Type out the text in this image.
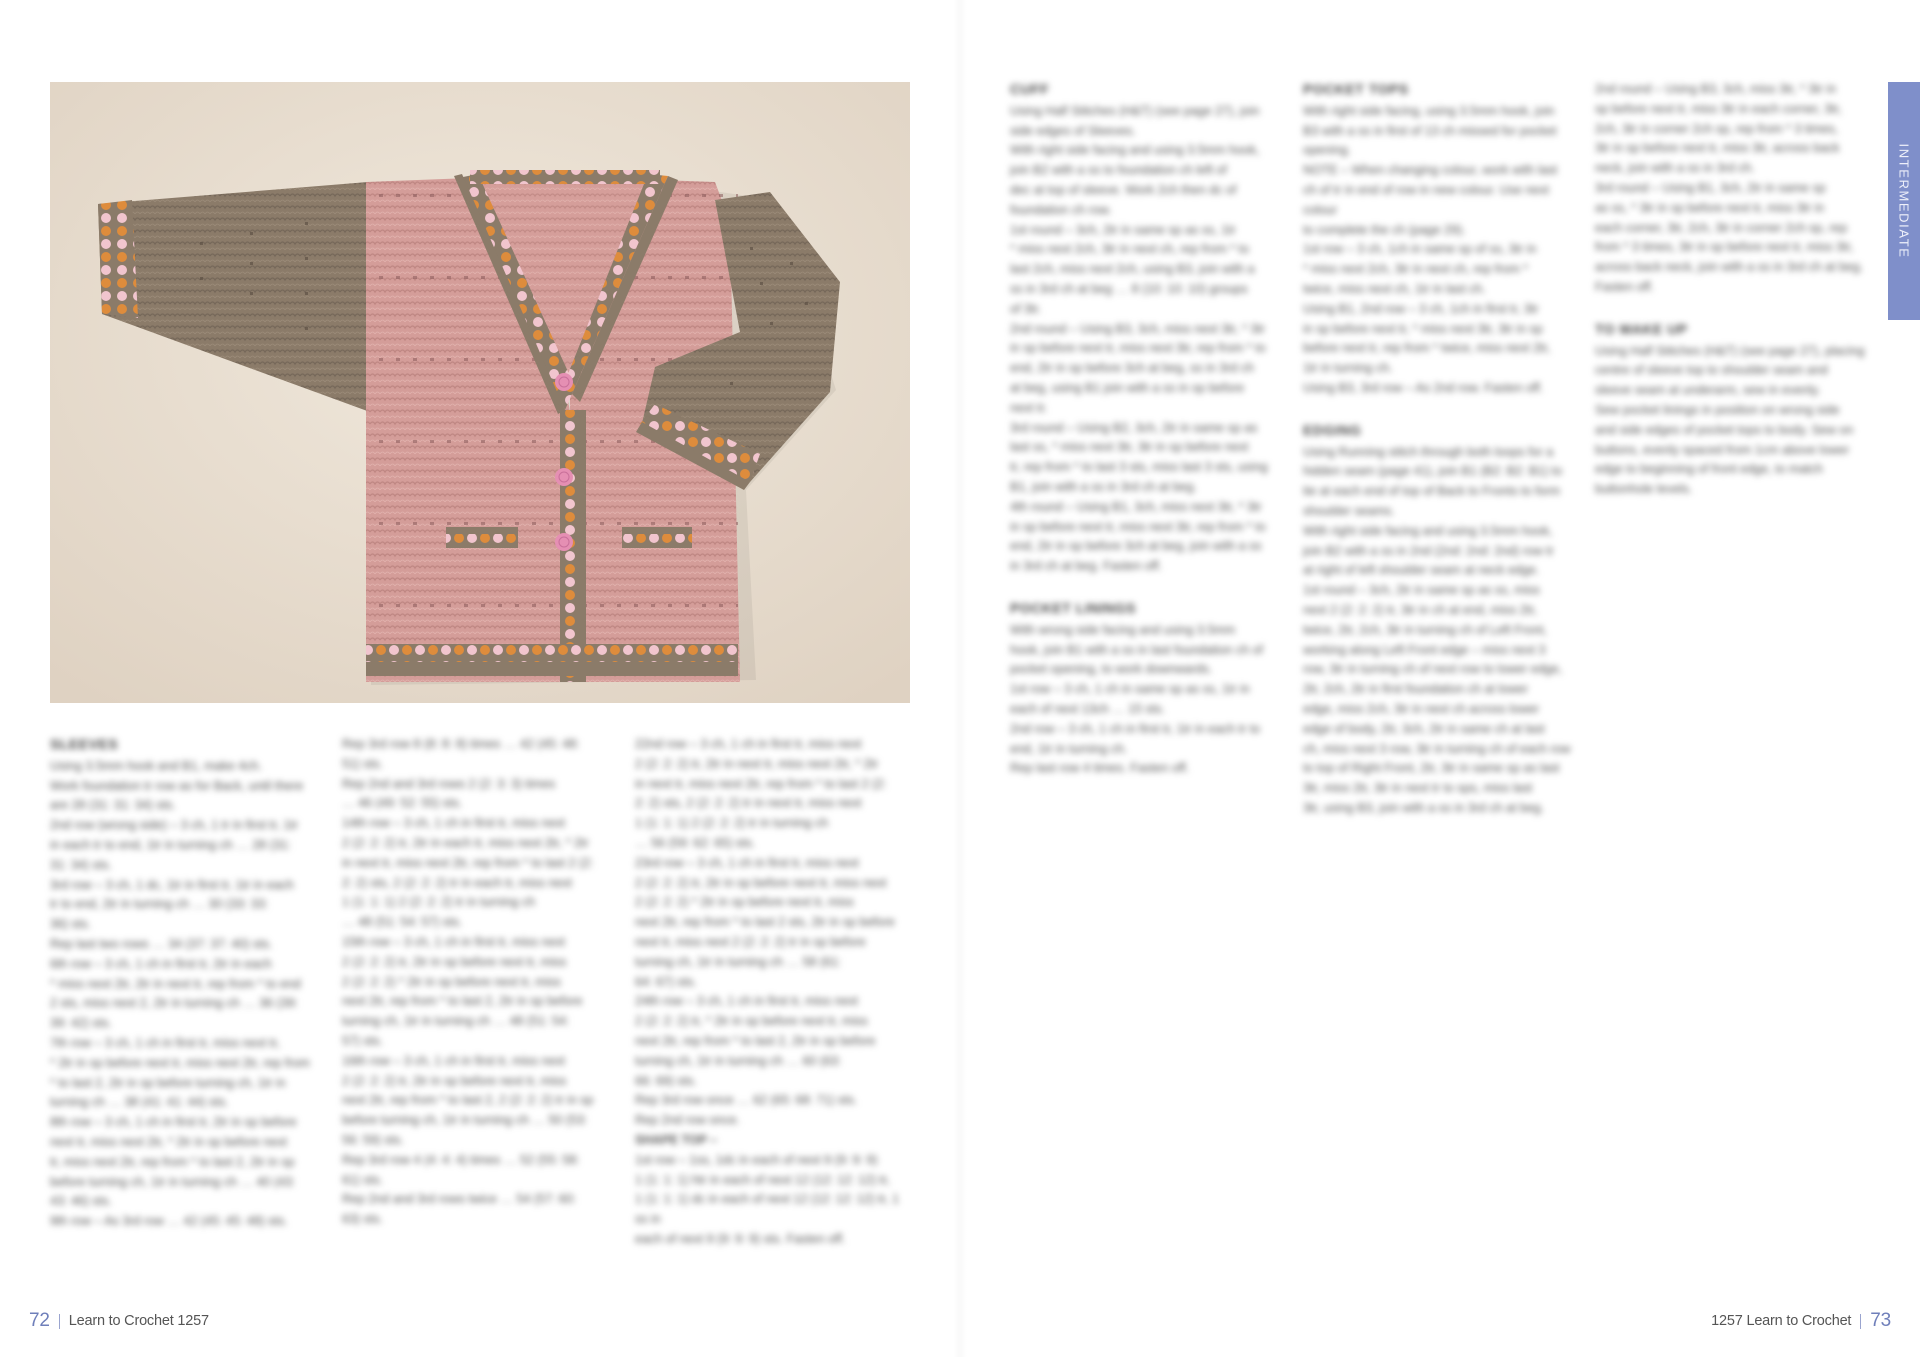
SLEEVES

Using 3.5mm hook and B1, make 4ch.

Work foundation tr row as for Back, until there

are 28 (31: 31: 34) sts.

2nd row (wrong side) – 3 ch, 1 tr in first tr, 1tr

in each tr to end, 1tr in turning ch … 28 (31:

31: 34) sts.

3rd row – 3 ch, 1 dc, 1tr in first tr, 1tr in each

tr to end, 2tr in turning ch … 30 (33: 33:

36) sts.

Rep last two rows … 34 (37: 37: 40) sts.

6th row – 3 ch, 1 ch in first tr, 2tr in each

* miss next 2tr, 2tr in next tr, rep from * to end

2 sts, miss next 2, 2tr in turning ch … 36 (39:

39: 42) sts.

7th row – 3 ch, 1 ch in first tr, miss next tr,

* 2tr in sp before next tr, miss next 2tr, rep from

* to last 2, 2tr in sp before turning ch, 1tr in

turning ch … 38 (41: 41: 44) sts.

8th row – 3 ch, 1 ch in first tr, 2tr in sp before

next tr, miss next 2tr, * 2tr in sp before next

tr, miss next 2tr, rep from * to last 2, 2tr in sp

before turning ch, 1tr in turning ch … 40 (43:

43: 46) sts.

9th row – As 3rd row … 42 (45: 45: 48) sts.

Rep 3rd row 8 (8: 8: 8) times … 42 (45: 48:

51) sts.

Rep 2nd and 3rd rows 2 (2: 3: 3) times

… 46 (49: 52: 55) sts.

14th row – 3 ch, 1 ch in first tr, miss next

2 (2: 2: 2) tr, 2tr in each tr, miss next 2tr, * 2tr

in next tr, miss next 2tr, rep from * to last 2 (2:

2: 2) sts, 2 (2: 2: 2) tr in each tr, miss next

1 (1: 1: 1) 2 (2: 2: 2) tr in turning ch

… 48 (51: 54: 57) sts.

15th row – 3 ch, 1 ch in first tr, miss next

2 (2: 2: 2) tr, 2tr in sp before next tr, miss

2 (2: 2: 2) * 2tr in sp before next tr, miss

next 2tr, rep from * to last 2, 2tr in sp before

turning ch, 1tr in turning ch … 48 (51: 54:

57) sts.

16th row – 3 ch, 1 ch in first tr, miss next

2 (2: 2: 2) tr, 2tr in sp before next tr, miss

next 2tr, rep from * to last 2, 2 (2: 2: 2) tr in sp

before turning ch, 1tr in turning ch … 50 (53:

56: 59) sts.

Rep 3rd row 4 (4: 4: 4) times … 52 (55: 58:

61) sts.

Rep 2nd and 3rd rows twice … 54 (57: 60:

63) sts.

22nd row – 3 ch, 1 ch in first tr, miss next

2 (2: 2: 2) tr, 2tr in next tr, miss next 2tr, * 2tr

in next tr, miss next 2tr, rep from * to last 2 (2:

2: 2) sts, 2 (2: 2: 2) tr in next tr, miss next

1 (1: 1: 1) 2 (2: 2: 2) tr in turning ch

… 56 (59: 62: 65) sts.

23rd row – 3 ch, 1 ch in first tr, miss next

2 (2: 2: 2) tr, 2tr in sp before next tr, miss next

2 (2: 2: 2) * 2tr in sp before next tr, miss

next 2tr, rep from * to last 2 sts, 2tr in sp before

next tr, miss next 2 (2: 2: 2) tr in sp before

turning ch, 1tr in turning ch … 58 (61:

64: 67) sts.

24th row – 3 ch, 1 ch in first tr, miss next

2 (2: 2: 2) tr, * 2tr in sp before next tr, miss

next 2tr, rep from * to last 2, 2tr in sp before

turning ch, 1tr in turning ch … 60 (63:

66: 69) sts.

Rep 3rd row once … 62 (65: 68: 71) sts.

Rep 2nd row once.

SHAPE TOP –

1st row – 1ss, 1dc in each of next 9 (9: 9: 9)

1 (1: 1: 1) htr in each of next 12 (12: 12: 12) tr,

1 (1: 1: 1) dc in each of next 12 (12: 12: 12) tr, 1 ss in

each of next 9 (9: 9: 9) sts. Fasten off.

72 Learn to Crochet 1257
CUFF

Using Half Stitches (H&T) (see page 27), join

side edges of Sleeves.

With right side facing and using 3.5mm hook,

join B2 with a ss to foundation ch left of

dec at top of sleeve. Work 2ch then dc of

foundation ch row.

1st round – 3ch, 2tr in same sp as ss, 1tr

* miss next 2ch, 3tr in next ch, rep from * to

last 2ch, miss next 2ch, using B3, join with a

ss in 3rd ch at beg … 8 (10: 10: 10) groups

of 3tr.

2nd round – Using B3, 3ch, miss next 3tr, * 3tr

in sp before next tr, miss next 3tr, rep from * to

end, 2tr in sp before 3ch at beg, ss in 3rd ch

at beg, using B1 join with a ss in sp before

next tr.

3rd round – Using B2, 3ch, 2tr in same sp as

last ss, * miss next 3tr, 3tr in sp before next

tr, rep from * to last 3 sts, miss last 3 sts, using

B1, join with a ss in 3rd ch at beg.

4th round – Using B1, 3ch, miss next 3tr, * 3tr

in sp before next tr, miss next 3tr, rep from * to

end, 2tr in sp before 3ch at beg, join with a ss

in 3rd ch at beg. Fasten off.

POCKET LININGS

With wrong side facing and using 3.5mm

hook, join B1 with a ss in last foundation ch of

pocket opening, to work downwards.

1st row – 3 ch, 1 ch in same sp as ss, 1tr in

each of next 13ch … 15 sts.

2nd row – 3 ch, 1 ch in first tr, 1tr in each tr to

end, 1tr in turning ch.

Rep last row 4 times. Fasten off.

POCKET TOPS

With right side facing, using 3.5mm hook, join

B3 with a ss in first of 13 ch missed for pocket

opening.

NOTE – When changing colour, work with last

ch of tr in end of row in new colour. Use next colour

to complete the ch (page 29).

1st row – 3 ch, 1ch in same sp of ss, 3tr in

* miss next 2ch, 3tr in next ch, rep from *

twice, miss next ch, 1tr in last ch.

Using B1, 2nd row – 3 ch, 1ch in first tr, 3tr

in sp before next tr, * miss next 3tr, 3tr in sp

before next tr, rep from * twice, miss next 2tr,

1tr in turning ch.

Using B3, 3rd row – As 2nd row. Fasten off.

EDGING

Using Running stitch through both loops for a

hidden seam (page 41), join B1 (B2: B2: B1) to

tie at each end of top of Back to Fronts to form

shoulder seams.

With right side facing and using 3.5mm hook,

join B2 with a ss in 2nd (2nd: 2nd: 2nd) row tr

at right of left shoulder seam at neck edge.

1st round – 3ch, 2tr in same sp as ss, miss

next 2 (2: 2: 2) tr, 3tr in ch at end, miss 2tr,

twice, 2tr, 2ch, 3tr in turning ch of Left Front,

working along Left Front edge – miss next 3

row, 3tr in turning ch of next row to lower edge,

2tr, 2ch, 2tr in first foundation ch at lower

edge, miss 2ch, 3tr in next ch across lower

edge of body, 2tr, 3ch, 2tr in same ch at last

ch, miss next 3 row, 3tr in turning ch of each row

to top of Right Front, 2tr, 3tr in same sp as last

3tr, miss 2tr, 3tr in next tr to sps, miss last

3tr, using B3, join with a ss in 3rd ch at beg.

2nd round – Using B3, 3ch, miss 3tr, * 3tr in

sp before next tr, miss 3tr in each corner, 3tr,

2ch, 3tr in corner 2ch sp, rep from * 3 times,

3tr in sp before next tr, miss 3tr, across back

neck, join with a ss in 3rd ch.

3rd round – Using B1, 3ch, 2tr in same sp

as ss, * 3tr in sp before next tr, miss 3tr in

each corner, 3tr, 2ch, 3tr in corner 2ch sp, rep

from * 3 times, 3tr in sp before next tr, miss 3tr,

across back neck, join with a ss in 3rd ch at beg.

Fasten off.

TO MAKE UP

Using Half Stitches (H&T) (see page 27), placing

centre of sleeve top to shoulder seam and

sleeve seam at underarm, sew in evenly.

Sew pocket linings in position on wrong side

and side edges of pocket tops to body. Sew on

buttons, evenly spaced from 1cm above lower

edge to beginning of front edge, to match

buttonhole levels.

1257 Learn to Crochet 73
INTERMEDIATE
